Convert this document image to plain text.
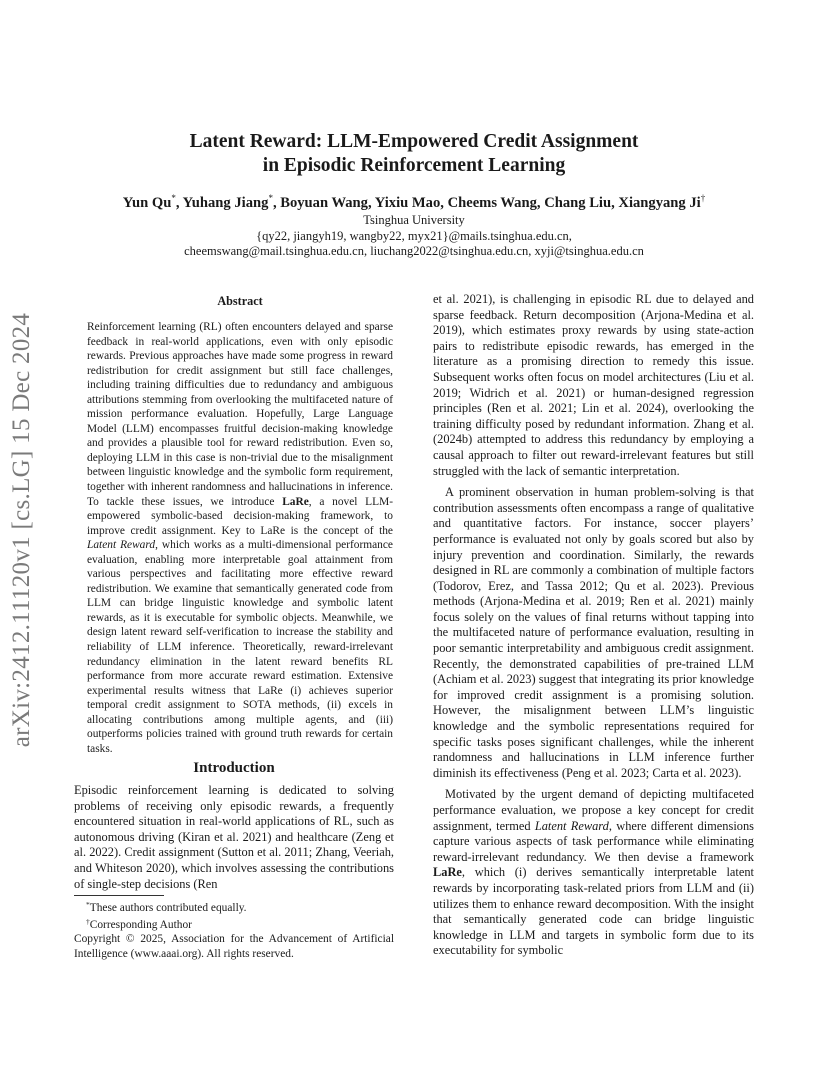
Latent Reward: LLM-Empowered Credit Assignment

in Episodic Reinforcement Learning

Yun Qu*, Yuhang Jiang*, Boyuan Wang, Yixiu Mao, Cheems Wang, Chang Liu, Xiangyang Ji†
Tsinghua University
{qy22, jiangyh19, wangby22, myx21}@mails.tsinghua.edu.cn,
cheemswang@mail.tsinghua.edu.cn, liuchang2022@tsinghua.edu.cn, xyji@tsinghua.edu.cn
arXiv:2412.11120v1 [cs.LG] 15 Dec 2024
Abstract

Reinforcement learning (RL) often encounters delayed and sparse feedback in real-world applications, even with only episodic rewards. Previous approaches have made some progress in reward redistribution for credit assignment but still face challenges, including training difficulties due to redundancy and ambiguous attributions stemming from overlooking the multifaceted nature of mission performance evaluation. Hopefully, Large Language Model (LLM) encompasses fruitful decision-making knowledge and provides a plausible tool for reward redistribution. Even so, deploying LLM in this case is non-trivial due to the misalignment between linguistic knowledge and the symbolic form requirement, together with inherent randomness and hallucinations in inference. To tackle these issues, we introduce LaRe, a novel LLM-empowered symbolic-based decision-making framework, to improve credit assignment. Key to LaRe is the concept of the Latent Reward, which works as a multi-dimensional performance evaluation, enabling more interpretable goal attainment from various perspectives and facilitating more effective reward redistribution. We examine that semantically generated code from LLM can bridge linguistic knowledge and symbolic latent rewards, as it is executable for symbolic objects. Meanwhile, we design latent reward self-verification to increase the stability and reliability of LLM inference. Theoretically, reward-irrelevant redundancy elimination in the latent reward benefits RL performance from more accurate reward estimation. Extensive experimental results witness that LaRe (i) achieves superior temporal credit assignment to SOTA methods, (ii) excels in allocating contributions among multiple agents, and (iii) outperforms policies trained with ground truth rewards for certain tasks.

Introduction

Episodic reinforcement learning is dedicated to solving problems of receiving only episodic rewards, a frequently encountered situation in real-world applications of RL, such as autonomous driving (Kiran et al. 2021) and healthcare (Zeng et al. 2022). Credit assignment (Sutton et al. 2011; Zhang, Veeriah, and Whiteson 2020), which involves assessing the contributions of single-step decisions (Ren

*These authors contributed equally.
†Corresponding Author
Copyright © 2025, Association for the Advancement of Artificial Intelligence (www.aaai.org). All rights reserved.

et al. 2021), is challenging in episodic RL due to delayed and sparse feedback. Return decomposition (Arjona-Medina et al. 2019), which estimates proxy rewards by using state-action pairs to redistribute episodic rewards, has emerged in the literature as a promising direction to remedy this issue. Subsequent works often focus on model architectures (Liu et al. 2019; Widrich et al. 2021) or human-designed regression principles (Ren et al. 2021; Lin et al. 2024), overlooking the training difficulty posed by redundant information. Zhang et al. (2024b) attempted to address this redundancy by employing a causal approach to filter out reward-irrelevant features but still struggled with the lack of semantic interpretation.

A prominent observation in human problem-solving is that contribution assessments often encompass a range of qualitative and quantitative factors. For instance, soccer players’ performance is evaluated not only by goals scored but also by injury prevention and coordination. Similarly, the rewards designed in RL are commonly a combination of multiple factors (Todorov, Erez, and Tassa 2012; Qu et al. 2023). Previous methods (Arjona-Medina et al. 2019; Ren et al. 2021) mainly focus solely on the values of final returns without tapping into the multifaceted nature of performance evaluation, resulting in poor semantic interpretability and ambiguous credit assignment. Recently, the demonstrated capabilities of pre-trained LLM (Achiam et al. 2023) suggest that integrating its prior knowledge for improved credit assignment is a promising solution. However, the misalignment between LLM’s linguistic knowledge and the symbolic representations required for specific tasks poses significant challenges, while the inherent randomness and hallucinations in LLM inference further diminish its effectiveness (Peng et al. 2023; Carta et al. 2023).

Motivated by the urgent demand of depicting multifaceted performance evaluation, we propose a key concept for credit assignment, termed Latent Reward, where different dimensions capture various aspects of task performance while eliminating reward-irrelevant redundancy. We then devise a framework LaRe, which (i) derives semantically interpretable latent rewards by incorporating task-related priors from LLM and (ii) utilizes them to enhance reward decomposition. With the insight that semantically generated code can bridge linguistic knowledge in LLM and targets in symbolic form due to its executability for symbolic
